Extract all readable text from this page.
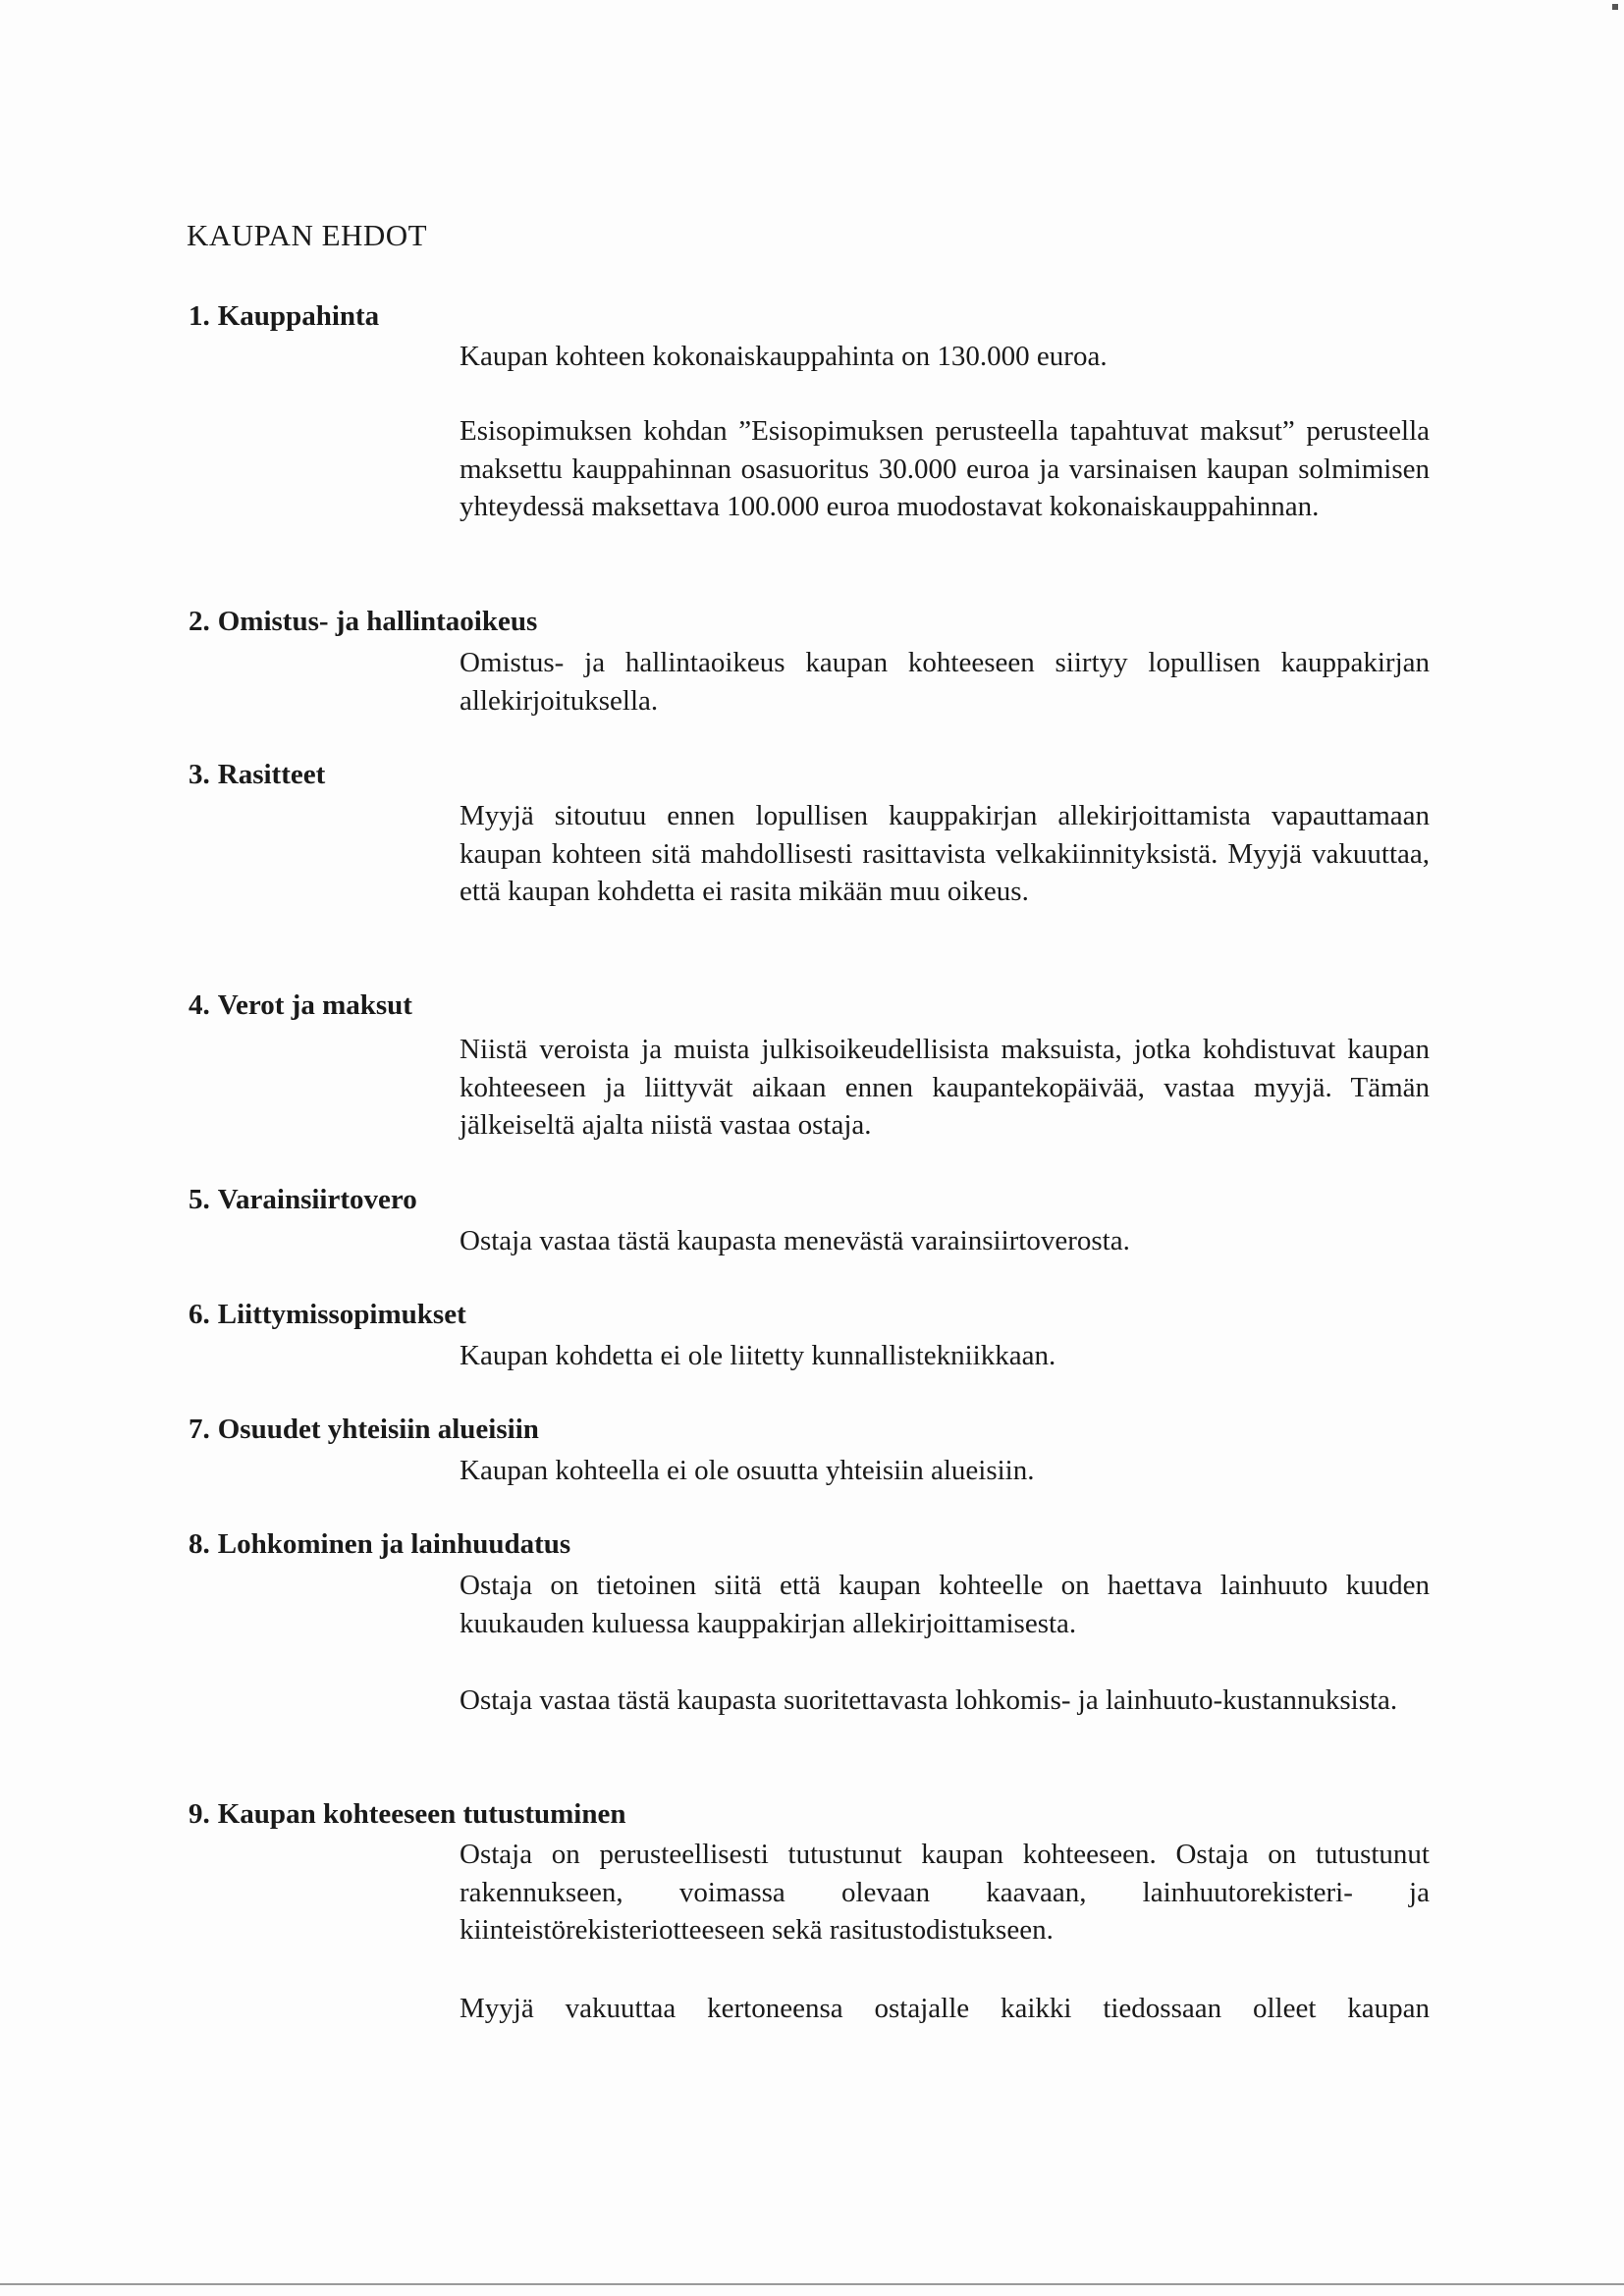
KAUPAN EHDOT
1. Kauppahinta
Kaupan kohteen kokonaiskauppahinta on 130.000 euroa.
Esisopimuksen kohdan ”Esisopimuksen perusteella tapahtuvat maksut” perusteella maksettu kauppahinnan osasuoritus 30.000 euroa ja varsinaisen kaupan solmimisen yhteydessä maksettava 100.000 euroa muodostavat kokonaiskauppahinnan.
2. Omistus- ja hallintaoikeus
Omistus- ja hallintaoikeus kaupan kohteeseen siirtyy lopullisen kauppakirjan allekirjoituksella.
3. Rasitteet
Myyjä sitoutuu ennen lopullisen kauppakirjan allekirjoittamista vapauttamaan kaupan kohteen sitä mahdollisesti rasittavista velkakiinnityksistä. Myyjä vakuuttaa, että kaupan kohdetta ei rasita mikään muu oikeus.
4. Verot ja maksut
Niistä veroista ja muista julkisoikeudellisista maksuista, jotka kohdistuvat kaupan kohteeseen ja liittyvät aikaan ennen kaupantekopäivää, vastaa myyjä. Tämän jälkeiseltä ajalta niistä vastaa ostaja.
5. Varainsiirtovero
Ostaja vastaa tästä kaupasta menevästä varainsiirtoverosta.
6. Liittymissopimukset
Kaupan kohdetta ei ole liitetty kunnallistekniikkaan.
7. Osuudet yhteisiin alueisiin
Kaupan kohteella ei ole osuutta yhteisiin alueisiin.
8. Lohkominen ja lainhuudatus
Ostaja on tietoinen siitä että kaupan kohteelle on haettava lainhuuto kuuden kuukauden kuluessa kauppakirjan allekirjoittamisesta.
Ostaja vastaa tästä kaupasta suoritettavasta lohkomis- ja lainhuuto-kustannuksista.
9. Kaupan kohteeseen tutustuminen
Ostaja on perusteellisesti tutustunut kaupan kohteeseen. Ostaja on tutustunut rakennukseen, voimassa olevaan kaavaan, lainhuutorekisteri- ja kiinteistörekisteriotteeseen sekä rasitustodistukseen.
Myyjä vakuuttaa kertoneensa ostajalle kaikki tiedossaan olleet kaupan
